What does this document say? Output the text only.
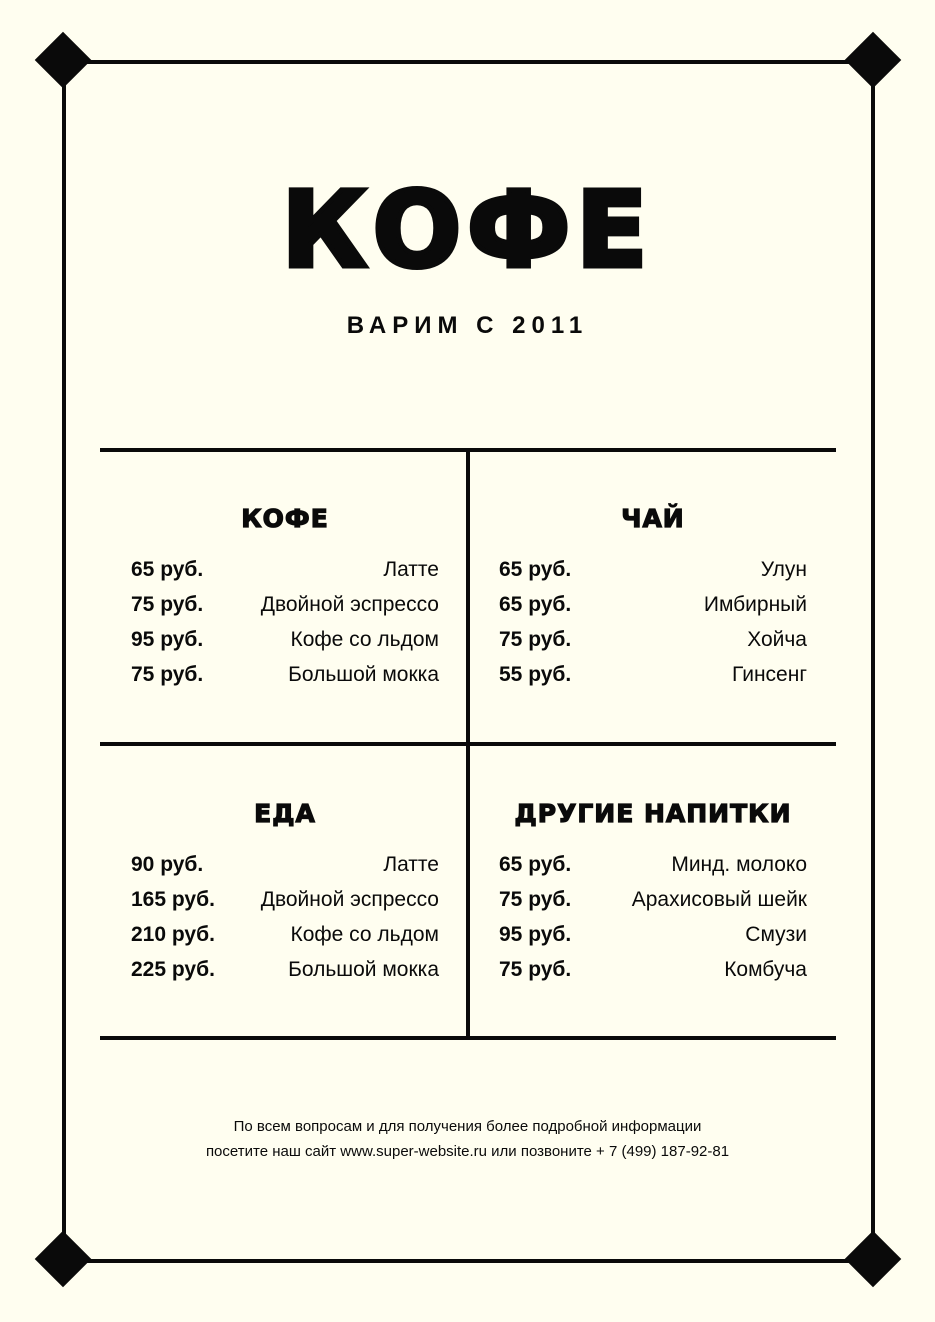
КОФЕ
ВАРИМ С 2011
КОФЕ
65 руб.	Латте
75 руб.	Двойной эспрессо
95 руб.	Кофе со льдом
75 руб.	Большой мокка
ЧАЙ
65 руб.	Улун
65 руб.	Имбирный
75 руб.	Хойча
55 руб.	Гинсенг
ЕДА
90 руб.	Латте
165 руб. Двойной эспрессо
210 руб.	Кофе со льдом
225 руб.	Большой мокка
ДРУГИЕ НАПИТКИ
65 руб.	Минд. молоко
75 руб.	Арахисовый шейк
95 руб.	Смузи
75 руб.	Комбуча
По всем вопросам и для получения более подробной информации
посетите наш сайт www.super-website.ru или позвоните + 7 (499) 187-92-81
